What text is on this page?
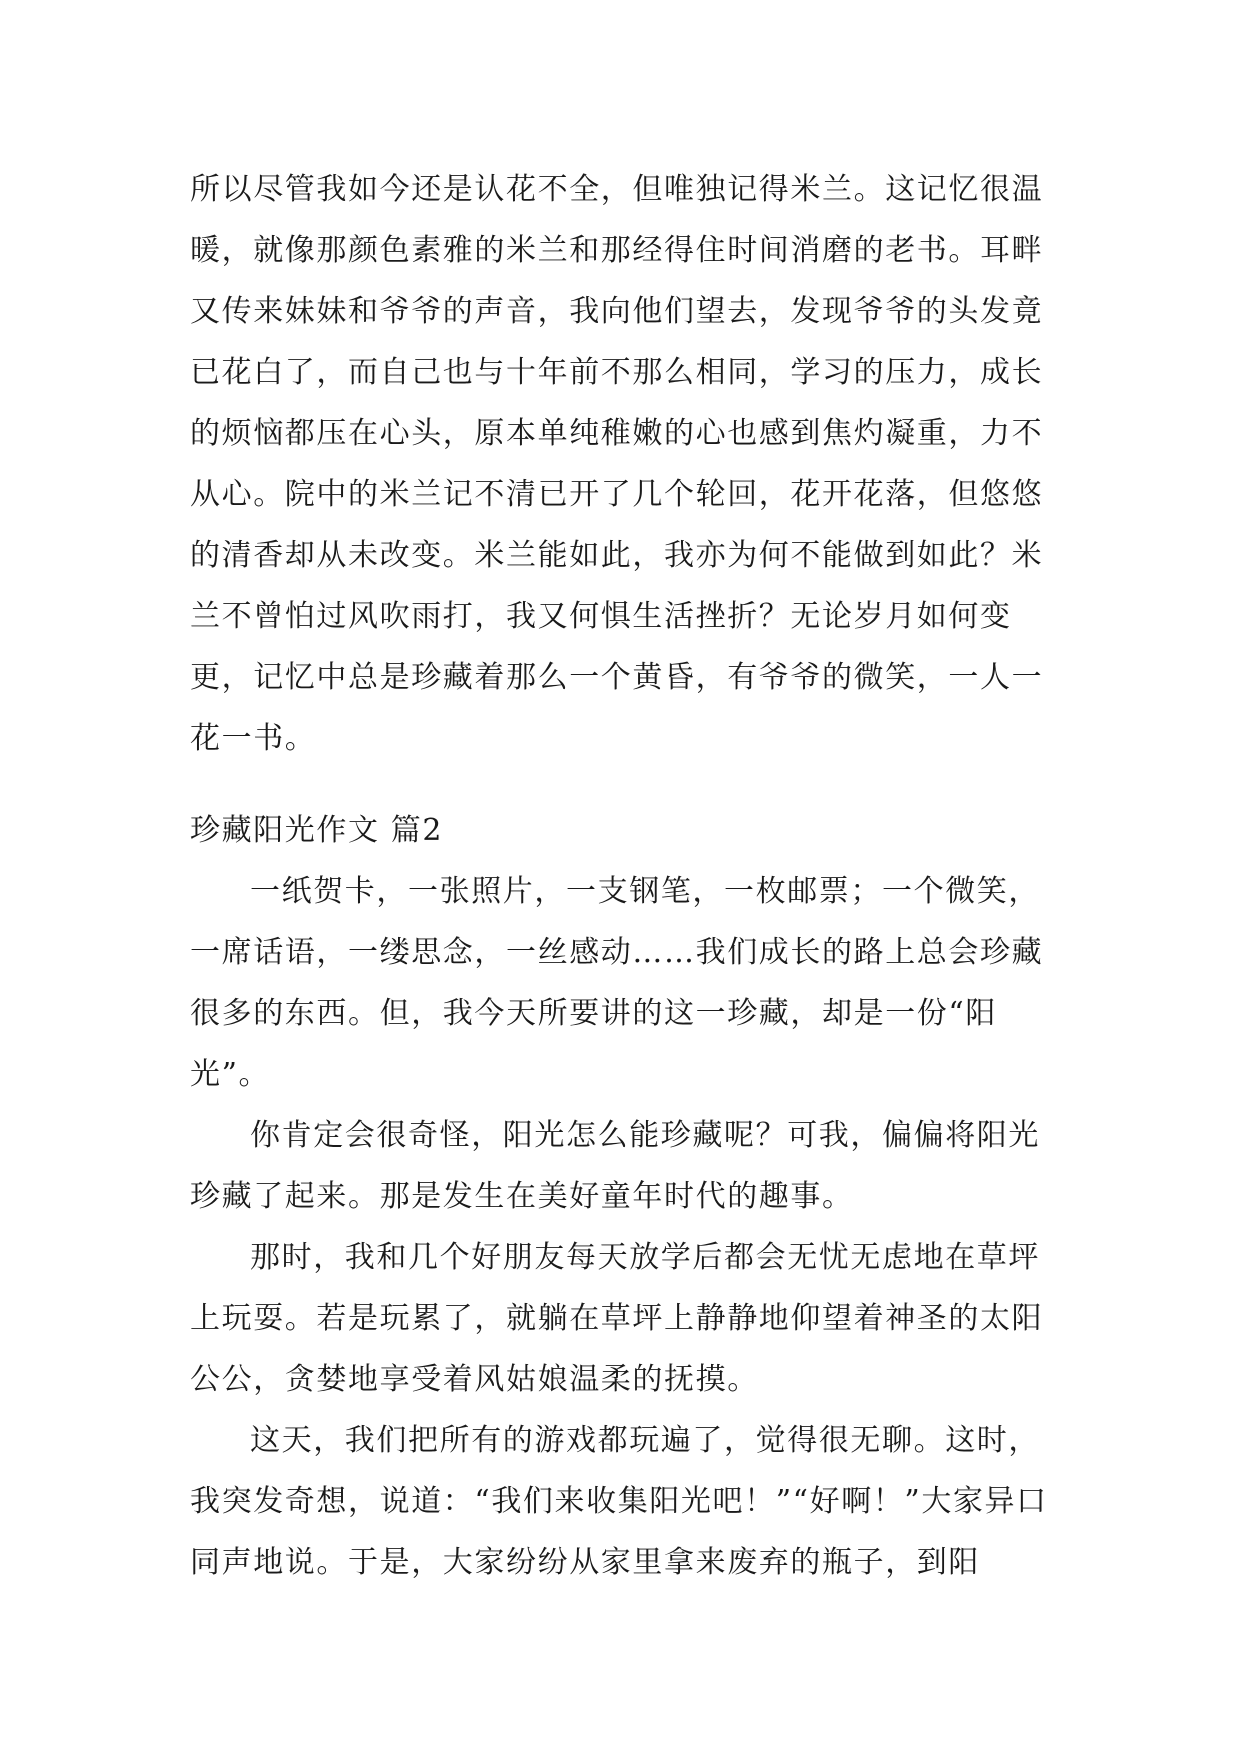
所以尽管我如今还是认花不全，但唯独记得米兰。这记忆很温暖，就像那颜色素雅的米兰和那经得住时间消磨的老书。耳畔又传来妹妹和爷爷的声音，我向他们望去，发现爷爷的头发竟已花白了，而自己也与十年前不那么相同，学习的压力，成长的烦恼都压在心头，原本单纯稚嫩的心也感到焦灼凝重，力不从心。院中的米兰记不清已开了几个轮回，花开花落，但悠悠的清香却从未改变。米兰能如此，我亦为何不能做到如此？米兰不曾怕过风吹雨打，我又何惧生活挫折？无论岁月如何变更，记忆中总是珍藏着那么一个黄昏，有爷爷的微笑，一人一花一书。

珍藏阳光作文 篇2

一纸贺卡，一张照片，一支钢笔，一枚邮票；一个微笑，一席话语，一缕思念，一丝感动……我们成长的路上总会珍藏很多的东西。但，我今天所要讲的这一珍藏，却是一份“阳光”。

你肯定会很奇怪，阳光怎么能珍藏呢？可我，偏偏将阳光珍藏了起来。那是发生在美好童年时代的趣事。

那时，我和几个好朋友每天放学后都会无忧无虑地在草坪上玩耍。若是玩累了，就躺在草坪上静静地仰望着神圣的太阳公公，贪婪地享受着风姑娘温柔的抚摸。

这天，我们把所有的游戏都玩遍了，觉得很无聊。这时，我突发奇想，说道：“我们来收集阳光吧！”“好啊！”大家异口同声地说。于是，大家纷纷从家里拿来废弃的瓶子，到阳
